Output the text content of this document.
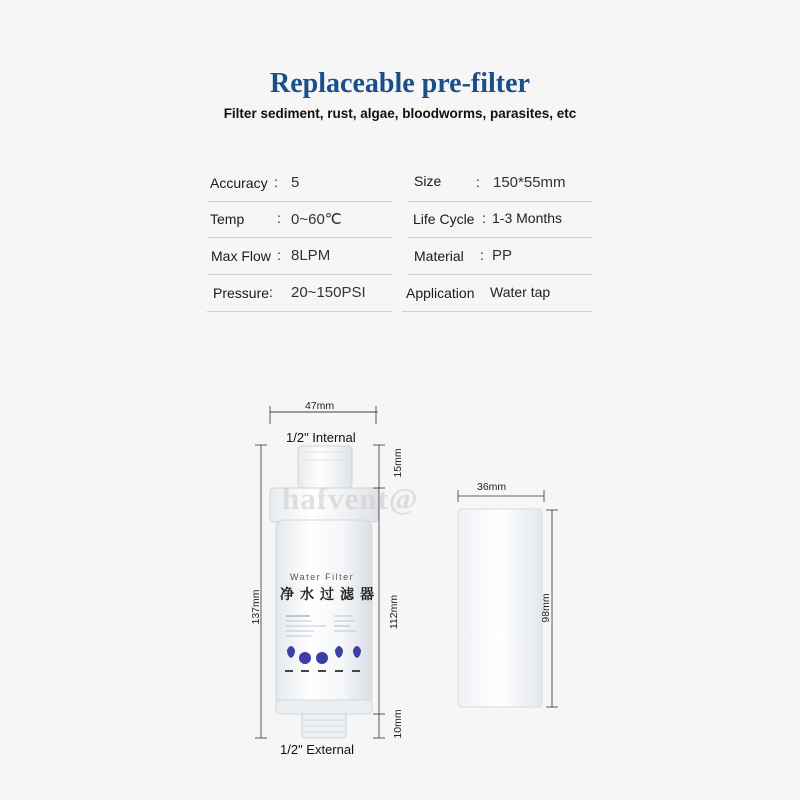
Replaceable pre-filter
Filter sediment, rust, algae, bloodworms, parasites, etc
Accuracy : 5
Temp : 0~60℃
Max Flow : 8LPM
Pressure : 20~150PSI
Size : 150*55mm
Life Cycle : 1-3 Months
Material : PP
Application Water tap
hafvent@
Water Filter
净水过滤器
47mm
1/2" Internal
1/2" External
137mm
15mm
112mm
10mm
36mm
98mm
